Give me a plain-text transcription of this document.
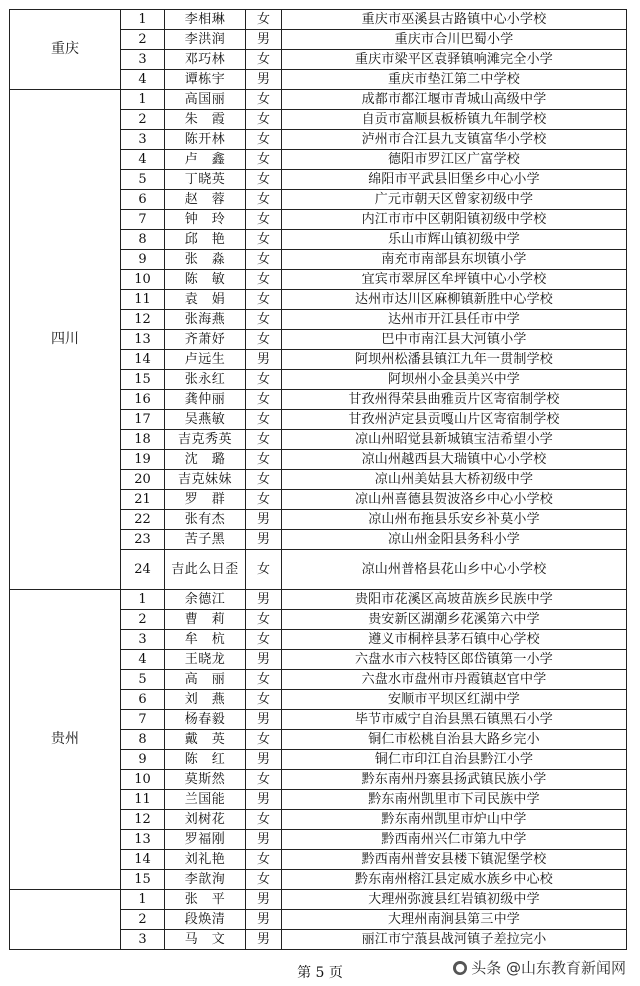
重庆	1	李相琳	女	重庆市巫溪县古路镇中心小学校
	2	李洪润	男	重庆市合川巴蜀小学
	3	邓巧林	女	重庆市梁平区袁驿镇响滩完全小学
	4	谭栋宇	男	重庆市垫江第二中学校
四川	1	高国丽	女	成都市都江堰市青城山高级中学
	2	朱　霞	女	自贡市富顺县板桥镇九年制学校
	3	陈开林	女	泸州市合江县九支镇富华小学校
	4	卢　鑫	女	德阳市罗江区广富学校
	5	丁晓英	女	绵阳市平武县旧堡乡中心小学
	6	赵　蓉	女	广元市朝天区曾家初级中学
	7	钟　玲	女	内江市市中区朝阳镇初级中学校
	8	邱　艳	女	乐山市辉山镇初级中学
	9	张　淼	女	南充市南部县东坝镇小学
	10	陈　敏	女	宜宾市翠屏区牟坪镇中心小学校
	11	袁　娟	女	达州市达川区麻柳镇新胜中心学校
	12	张海燕	女	达州市开江县任市中学
	13	齐萧妤	女	巴中市南江县大河镇小学
	14	卢远生	男	阿坝州松潘县镇江九年一贯制学校
	15	张永红	女	阿坝州小金县美兴中学
	16	龚仲丽	女	甘孜州得荣县曲雅贡片区寄宿制学校
	17	吴燕敏	女	甘孜州泸定县贡嘎山片区寄宿制学校
	18	吉克秀英	女	凉山州昭觉县新城镇宝洁希望小学
	19	沈　璐	女	凉山州越西县大瑞镇中心小学校
	20	吉克妹妹	女	凉山州美姑县大桥初级中学
	21	罗　群	女	凉山州喜德县贺波洛乡中心小学校
	22	张有杰	男	凉山州布拖县乐安乡补莫小学
	23	苦子黑	男	凉山州金阳县务科小学
	24	吉此么日歪	女	凉山州普格县花山乡中心小学校
贵州	1	余德江	男	贵阳市花溪区高坡苗族乡民族中学
	2	曹　莉	女	贵安新区湖潮乡花溪第六中学
	3	牟　杭	女	遵义市桐梓县茅石镇中心学校
	4	王晓龙	男	六盘水市六枝特区郎岱镇第一小学
	5	高　丽	女	六盘水市盘州市丹霞镇赵官中学
	6	刘　燕	女	安顺市平坝区红湖中学
	7	杨春毅	男	毕节市威宁自治县黑石镇黑石小学
	8	戴　英	女	铜仁市松桃自治县大路乡完小
	9	陈　红	男	铜仁市印江自治县黔江小学
	10	莫斯然	女	黔东南州丹寨县扬武镇民族小学
	11	兰国能	男	黔东南州凯里市下司民族中学
	12	刘树花	女	黔东南州凯里市炉山中学
	13	罗福刚	男	黔西南州兴仁市第九中学
	14	刘礼艳	女	黔西南州普安县楼下镇泥堡学校
	15	李歆洵	女	黔东南州榕江县定威水族乡中心校
	1	张　平	男	大理州弥渡县红岩镇初级中学
	2	段焕清	男	大理州南涧县第三中学
	3	马　文	男	丽江市宁蒗县战河镇子差拉完小
第 5 页	● 头条 @山东教育新闻网
